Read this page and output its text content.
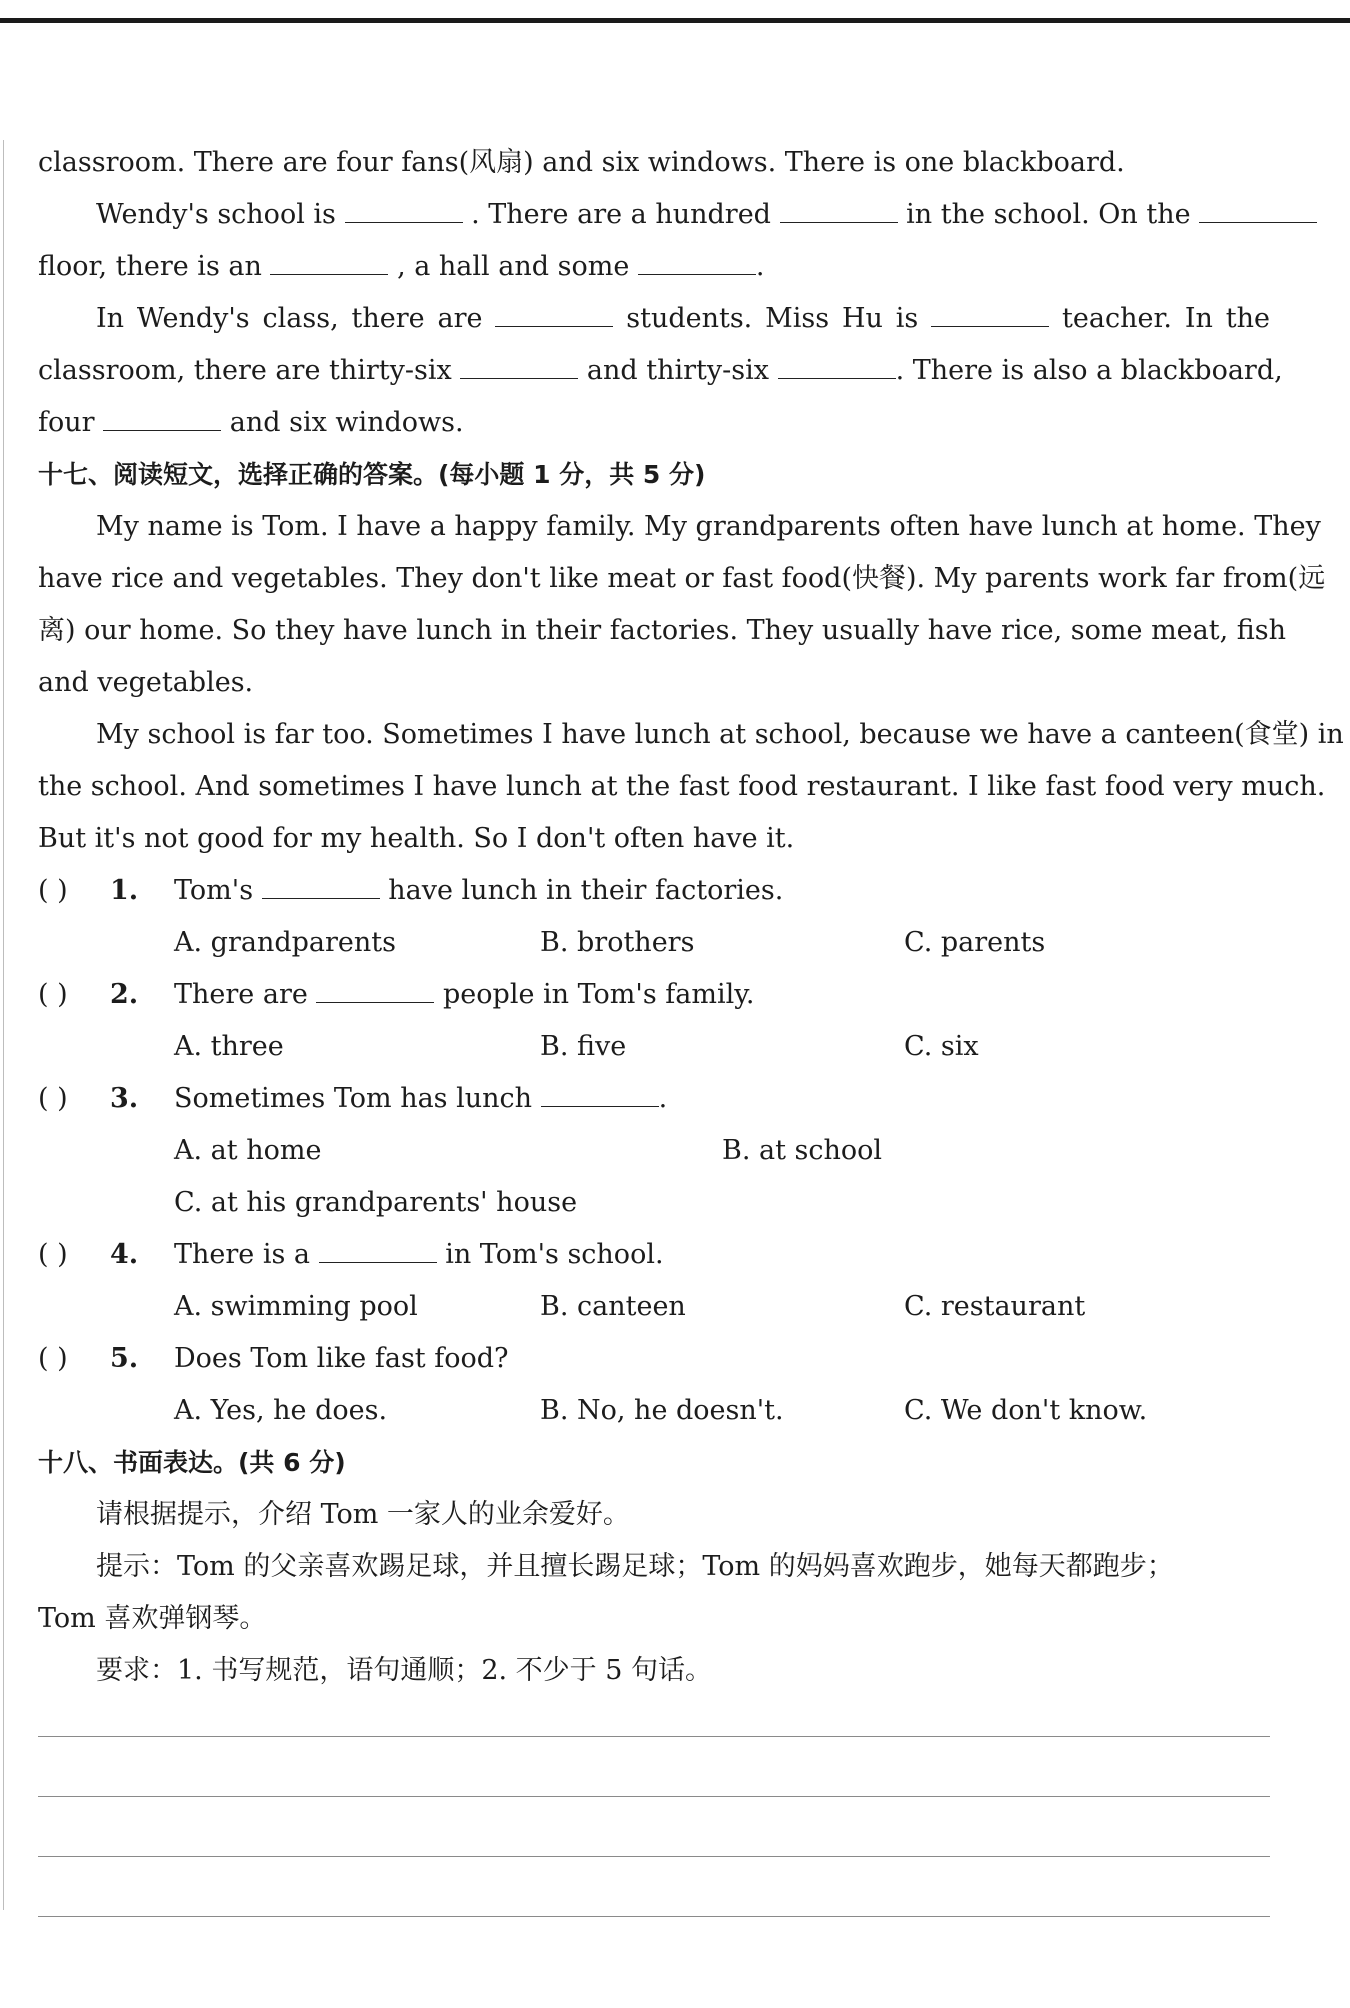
classroom. There are four fans(风扇) and six windows. There is one blackboard.
Wendy's school is	. There are a hundred	in the school. On the
floor, there is an	, a hall and some	.
In Wendy's class, there are	students. Miss Hu is	teacher. In the
classroom, there are thirty-six	and thirty-six	. There is also a blackboard,
four	and six windows.
十七、阅读短文，选择正确的答案。(每小题 1 分，共 5 分)
My name is Tom. I have a happy family. My grandparents often have lunch at home. They
have rice and vegetables. They don't like meat or fast food(快餐). My parents work far from(远
离) our home. So they have lunch in their factories. They usually have rice, some meat, fish
and vegetables.
My school is far too. Sometimes I have lunch at school, because we have a canteen(食堂) in
the school. And sometimes I have lunch at the fast food restaurant. I like fast food very much.
But it's not good for my health. So I don't often have it.
( ) 1. Tom's	have lunch in their factories.
A. grandparents	B. brothers	C. parents
( ) 2. There are	people in Tom's family.
A. three	B. five	C. six
( ) 3. Sometimes Tom has lunch	.
A. at home	B. at school
C. at his grandparents' house
( ) 4. There is a	in Tom's school.
A. swimming pool	B. canteen	C. restaurant
( ) 5. Does Tom like fast food?
A. Yes, he does.	B. No, he doesn't.	C. We don't know.
十八、书面表达。(共 6 分)
请根据提示，介绍 Tom 一家人的业余爱好。
提示：Tom 的父亲喜欢踢足球，并且擅长踢足球；Tom 的妈妈喜欢跑步，她每天都跑步；
Tom 喜欢弹钢琴。
要求：1. 书写规范，语句通顺；2. 不少于 5 句话。
